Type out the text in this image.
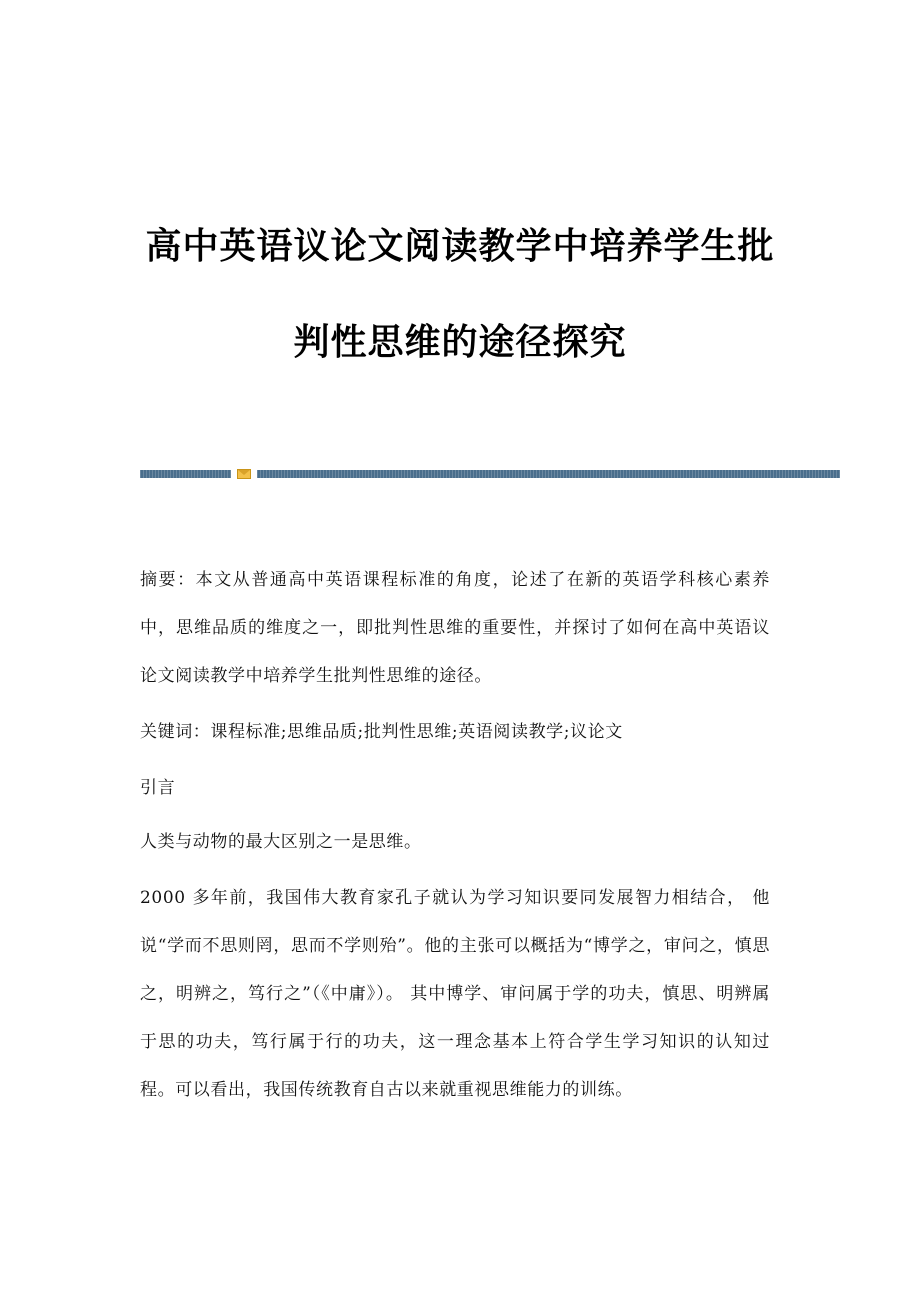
高中英语议论文阅读教学中培养学生批
判性思维的途径探究

摘要：本文从普通高中英语课程标准的角度，论述了在新的英语学科核心素养中，思维品质的维度之一，即批判性思维的重要性，并探讨了如何在高中英语议论文阅读教学中培养学生批判性思维的途径。

关键词：课程标准;思维品质;批判性思维;英语阅读教学;议论文

引言

人类与动物的最大区别之一是思维。

2000 多年前，我国伟大教育家孔子就认为学习知识要同发展智力相结合， 他说“学而不思则罔，思而不学则殆”。他的主张可以概括为“博学之，审问之，慎思之，明辨之，笃行之”（《中庸》）。 其中博学、审问属于学的功夫，慎思、明辨属于思的功夫，笃行属于行的功夫，这一理念基本上符合学生学习知识的认知过程。可以看出，我国传统教育自古以来就重视思维能力的训练。
